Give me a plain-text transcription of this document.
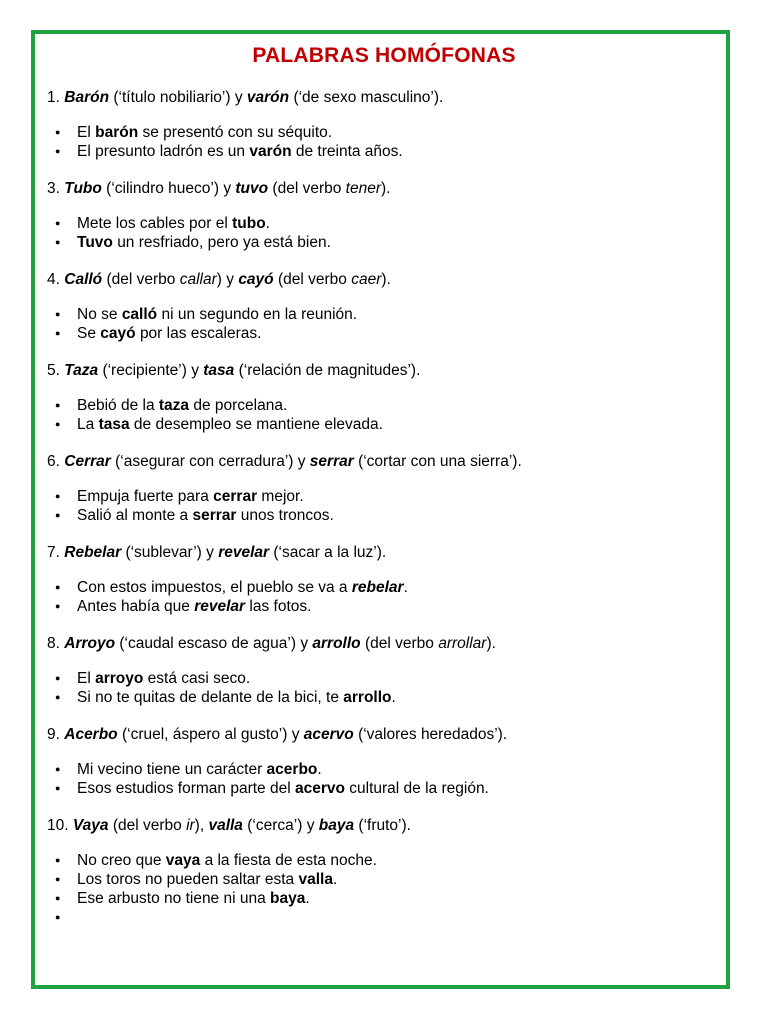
PALABRAS HOMÓFONAS
1. Barón (‘título nobiliario’) y varón (‘de sexo masculino’).
● El barón se presentó con su séquito.
● El presunto ladrón es un varón de treinta años.
3. Tubo (‘cilindro hueco’) y tuvo (del verbo tener).
● Mete los cables por el tubo.
● Tuvo un resfriado, pero ya está bien.
4. Calló (del verbo callar) y cayó (del verbo caer).
● No se calló ni un segundo en la reunión.
● Se cayó por las escaleras.
5. Taza (‘recipiente’) y tasa (‘relación de magnitudes’).
● Bebió de la taza de porcelana.
● La tasa de desempleo se mantiene elevada.
6. Cerrar (‘asegurar con cerradura’) y serrar (‘cortar con una sierra’).
● Empuja fuerte para cerrar mejor.
● Salió al monte a serrar unos troncos.
7. Rebelar (‘sublevar’) y revelar (‘sacar a la luz’).
● Con estos impuestos, el pueblo se va a rebelar.
● Antes había que revelar las fotos.
8. Arroyo (‘caudal escaso de agua’) y arrollo (del verbo arrollar).
● El arroyo está casi seco.
● Si no te quitas de delante de la bici, te arrollo.
9. Acerbo (‘cruel, áspero al gusto’) y acervo (‘valores heredados’).
● Mi vecino tiene un carácter acerbo.
● Esos estudios forman parte del acervo cultural de la región.
10. Vaya (del verbo ir), valla (‘cerca’) y baya (‘fruto’).
● No creo que vaya a la fiesta de esta noche.
● Los toros no pueden saltar esta valla.
● Ese arbusto no tiene ni una baya.
●
